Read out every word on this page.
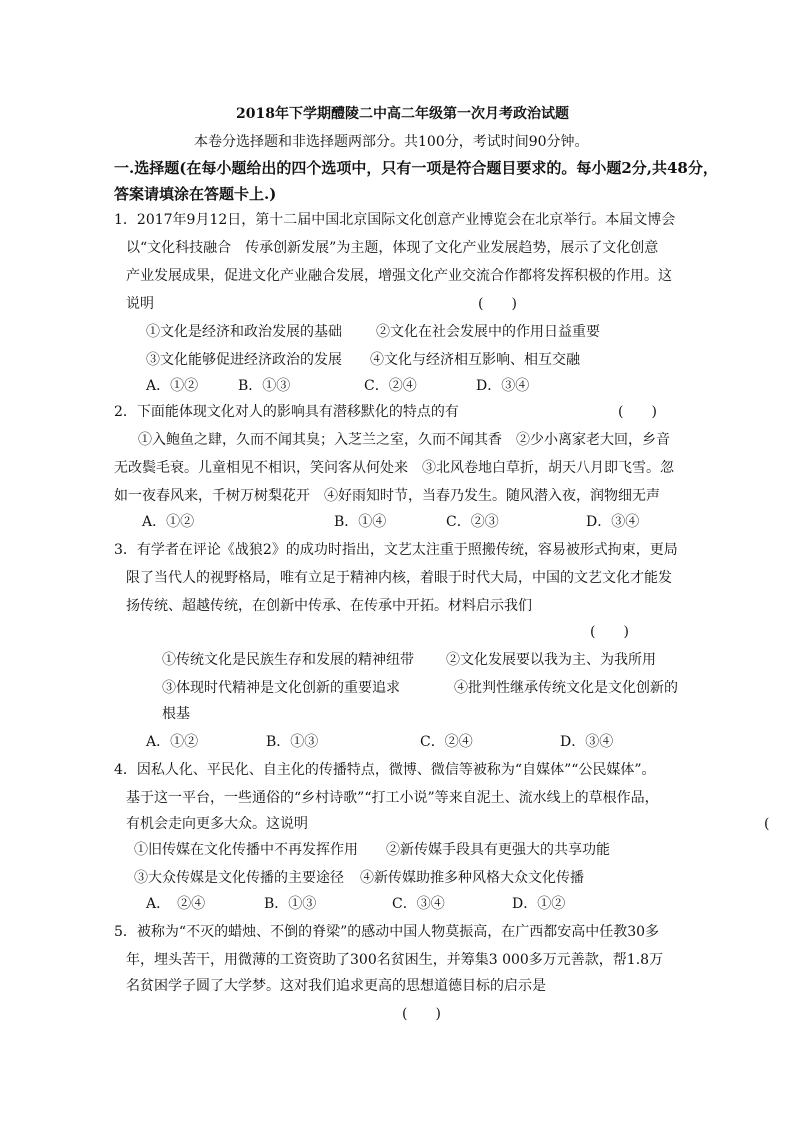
2018年下学期醴陵二中高二年级第一次月考政治试题
本卷分选择题和非选择题两部分。共100分，考试时间90分钟。
一.选择题(在每小题给出的四个选项中，只有一项是符合题目要求的。每小题2分,共48分，
答案请填涂在答题卡上.)
1．2017年9月12日，第十二届中国北京国际文化创意产业博览会在北京举行。本届文博会
以“文化科技融合　传承创新发展”为主题，体现了文化产业发展趋势，展示了文化创意
产业发展成果，促进文化产业融合发展，增强文化产业交流合作都将发挥积极的作用。这
说明	(　　)
①文化是经济和政治发展的基础 ②文化在社会发展中的作用日益重要
③文化能够促进经济政治的发展 ④文化与经济相互影响、相互交融
A．①②	B．①③	C．②④	D．③④
2．下面能体现文化对人的影响具有潜移默化的特点的有	(　　)
①入鲍鱼之肆，久而不闻其臭；入芝兰之室，久而不闻其香　②少小离家老大回，乡音
无改鬓毛衰。儿童相见不相识，笑问客从何处来　③北风卷地白草折，胡天八月即飞雪。忽
如一夜春风来，千树万树梨花开　④好雨知时节，当春乃发生。随风潜入夜，润物细无声
A．①②	B．①④	C．②③	D．③④
3．有学者在评论《战狼2》的成功时指出，文艺太注重于照搬传统，容易被形式拘束，更局
限了当代人的视野格局，唯有立足于精神内核，着眼于时代大局，中国的文艺文化才能发
扬传统、超越传统，在创新中传承、在传承中开拓。材料启示我们
(　　)
①传统文化是民族生存和发展的精神纽带 ②文化发展要以我为主、为我所用
③体现时代精神是文化创新的重要追求	④批判性继承传统文化是文化创新的
根基
A．①②	B．①③	C．②④	D．③④
4．因私人化、平民化、自主化的传播特点，微博、微信等被称为“自媒体”“公民媒体”。
基于这一平台，一些通俗的“乡村诗歌”“打工小说”等来自泥土、流水线上的草根作品，
有机会走向更多大众。这说明	(
①旧传媒在文化传播中不再发挥作用 ②新传媒手段具有更强大的共享功能
③大众传媒是文化传播的主要途径 ④新传媒助推多种风格大众文化传播
A．　②④	B．①③	C．③④	D．①②
5．被称为“不灭的蜡烛、不倒的脊梁”的感动中国人物莫振高，在广西都安高中任教30多
年，埋头苦干，用微薄的工资资助了300名贫困生，并筹集3 000多万元善款，帮1.8万
名贫困学子圆了大学梦。这对我们追求更高的思想道德目标的启示是
(　　)
